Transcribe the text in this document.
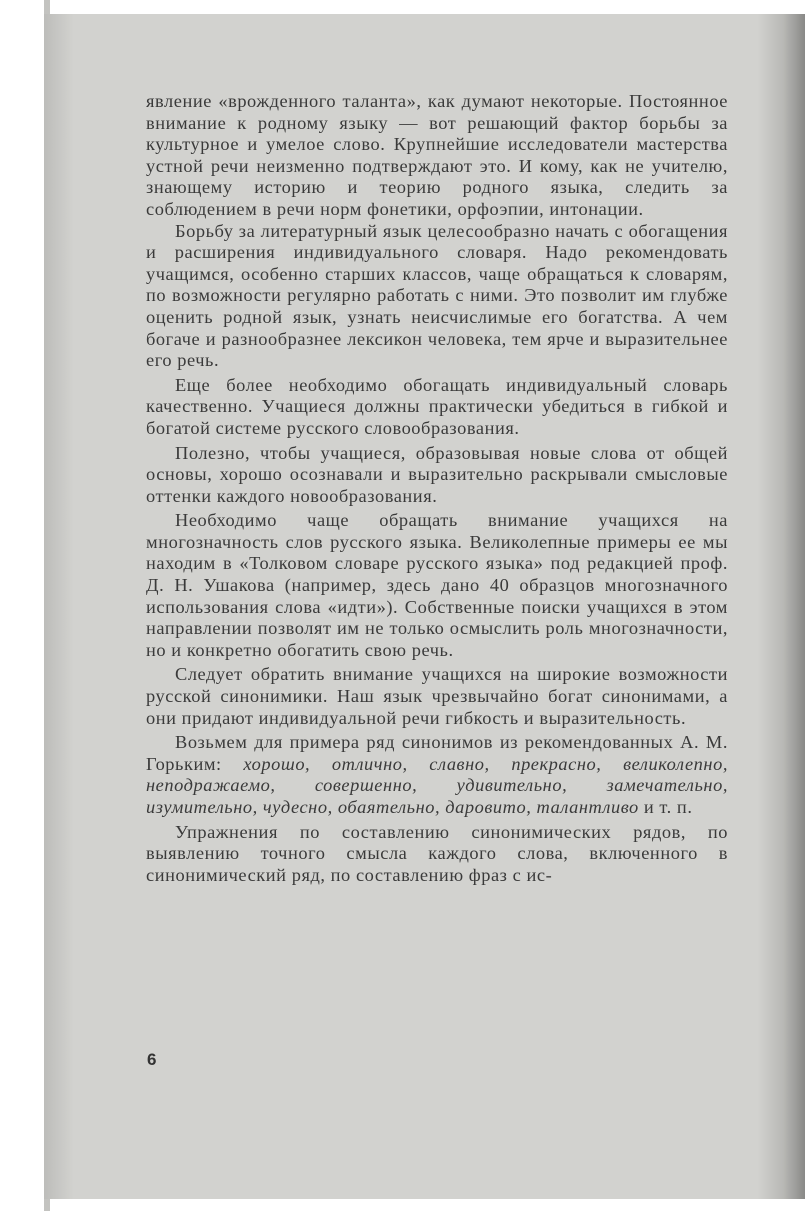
явление «врожденного таланта», как думают некоторые. Постоянное внимание к родному языку — вот решающий фактор борьбы за культурное и умелое слово. Крупнейшие исследователи мастерства устной речи неизменно подтверждают это. И кому, как не учителю, знающему историю и теорию родного языка, следить за соблюдением в речи норм фонетики, орфоэпии, интонации.

Борьбу за литературный язык целесообразно начать с обогащения и расширения индивидуального словаря. Надо рекомендовать учащимся, особенно старших классов, чаще обращаться к словарям, по возможности регулярно работать с ними. Это позволит им глубже оценить родной язык, узнать неисчислимые его богатства. А чем богаче и разнообразнее лексикон человека, тем ярче и выразительнее его речь.

Еще более необходимо обогащать индивидуальный словарь качественно. Учащиеся должны практически убедиться в гибкой и богатой системе русского словообразования.

Полезно, чтобы учащиеся, образовывая новые слова от общей основы, хорошо осознавали и выразительно раскрывали смысловые оттенки каждого новообразования.

Необходимо чаще обращать внимание учащихся на многозначность слов русского языка. Великолепные примеры ее мы находим в «Толковом словаре русского языка» под редакцией проф. Д. Н. Ушакова (например, здесь дано 40 образцов многозначного использования слова «идти»). Собственные поиски учащихся в этом направлении позволят им не только осмыслить роль многозначности, но и конкретно обогатить свою речь.

Следует обратить внимание учащихся на широкие возможности русской синонимики. Наш язык чрезвычайно богат синонимами, а они придают индивидуальной речи гибкость и выразительность.

Возьмем для примера ряд синонимов из рекомендованных А. М. Горьким: хорошо, отлично, славно, прекрасно, великолепно, неподражаемо, совершенно, удивительно, замечательно, изумительно, чудесно, обаятельно, даровито, талантливо и т. п.

Упражнения по составлению синонимических рядов, по выявлению точного смысла каждого слова, включенного в синонимический ряд, по составлению фраз с ис-

6
